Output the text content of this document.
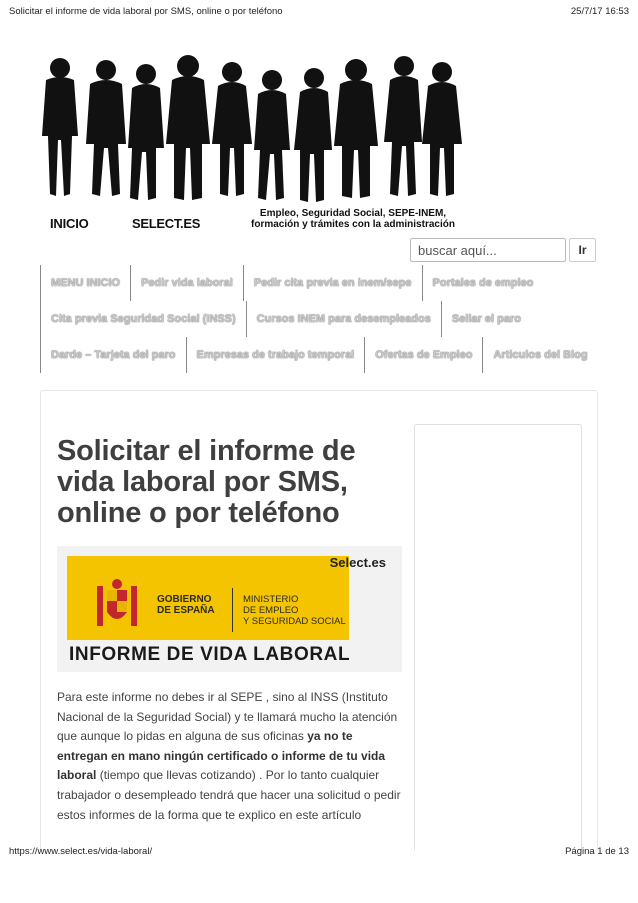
Solicitar el informe de vida laboral por SMS, online o por teléfono	25/7/17 16:53
INICIO	SELECT.ES
Empleo, Seguridad Social, SEPE-INEM,
formación y trámites con la administración
buscar aquí...
Ir
MENU INICIO	Pedir vida laboral	Pedir cita previa en inem/sepe	Portales de empleo
Cita previa Seguridad Social (INSS)	Cursos INEM para desempleados	Sellar el paro
Darde – Tarjeta del paro	Empresas de trabajo temporal	Ofertas de Empleo	Articulos del Blog
Solicitar el informe de vida laboral por SMS, online o por teléfono
GOBIERNO
DE ESPAÑA
MINISTERIO
DE EMPLEO
Y SEGURIDAD SOCIAL
Select.es
INFORME DE VIDA LABORAL

Para este informe no debes ir al SEPE , sino al INSS (Instituto Nacional de la Seguridad Social) y te llamará mucho la atención que aunque lo pidas en alguna de sus oficinas ya no te entregan en mano ningún certificado o informe de tu vida laboral (tiempo que llevas cotizando) . Por lo tanto cualquier trabajador o desempleado tendrá que hacer una solicitud o pedir estos informes de la forma que te explico en este artículo

https://www.select.es/vida-laboral/	Página 1 de 13
